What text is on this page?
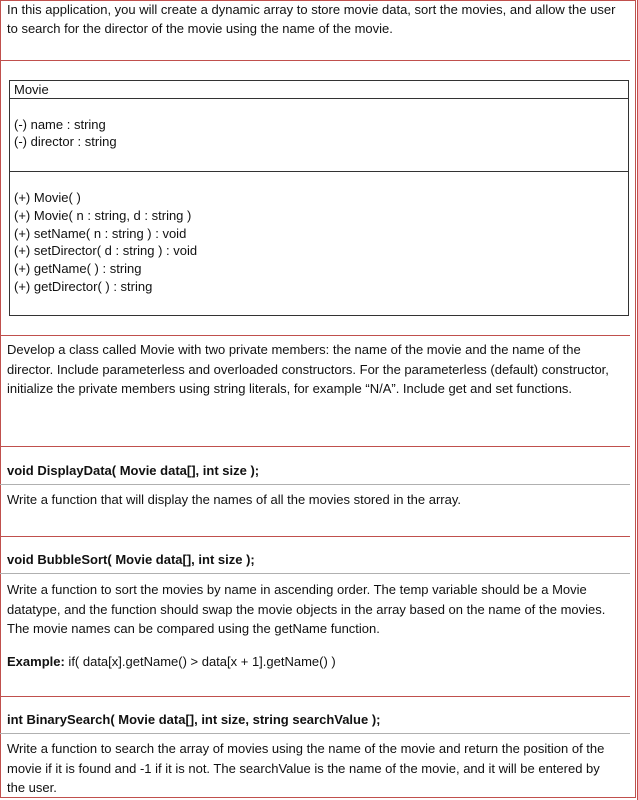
In this application, you will create a dynamic array to store movie data, sort the movies, and allow the user to search for the director of the movie using the name of the movie.
Movie
(-) name : string
(-) director : string
(+) Movie( )
(+) Movie( n : string, d : string )
(+) setName( n : string ) : void
(+) setDirector( d : string ) : void
(+) getName( ) : string
(+) getDirector( ) : string
Develop a class called Movie with two private members: the name of the movie and the name of the director. Include parameterless and overloaded constructors. For the parameterless (default) constructor, initialize the private members using string literals, for example “N/A”. Include get and set functions.
void DisplayData( Movie data[], int size );
Write a function that will display the names of all the movies stored in the array.
void BubbleSort( Movie data[], int size );
Write a function to sort the movies by name in ascending order. The temp variable should be a Movie datatype, and the function should swap the movie objects in the array based on the name of the movies. The movie names can be compared using the getName function.
Example: if( data[x].getName() > data[x + 1].getName() )
int BinarySearch( Movie data[], int size, string searchValue );
Write a function to search the array of movies using the name of the movie and return the position of the movie if it is found and -1 if it is not. The searchValue is the name of the movie, and it will be entered by the user.
